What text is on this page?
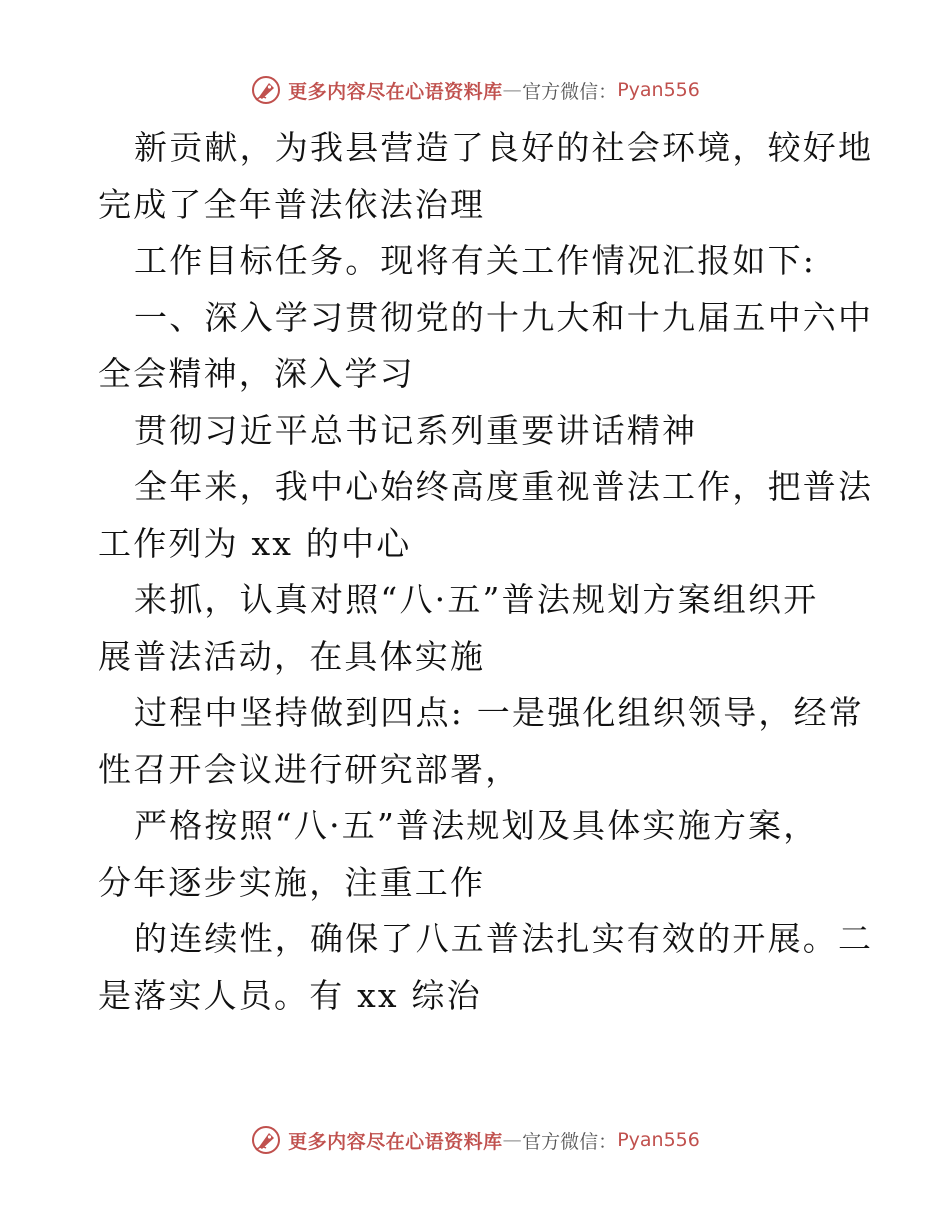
更多内容尽在心语资料库 — 官方微信： Pyan556
新贡献，为我县营造了良好的社会环境，较好地
完成了全年普法依法治理
工作目标任务。现将有关工作情况汇报如下:
一、深入学习贯彻党的十九大和十九届五中六中
全会精神，深入学习
贯彻习近平总书记系列重要讲话精神
全年来，我中心始终高度重视普法工作，把普法
工作列为 xx 的中心
来抓，认真对照“八·五”普法规划方案组织开
展普法活动，在具体实施
过程中坚持做到四点: 一是强化组织领导，经常
性召开会议进行研究部署，
严格按照“八·五”普法规划及具体实施方案，
分年逐步实施，注重工作
的连续性，确保了八五普法扎实有效的开展。二
是落实人员。有 xx 综治
更多内容尽在心语资料库 — 官方微信： Pyan556
